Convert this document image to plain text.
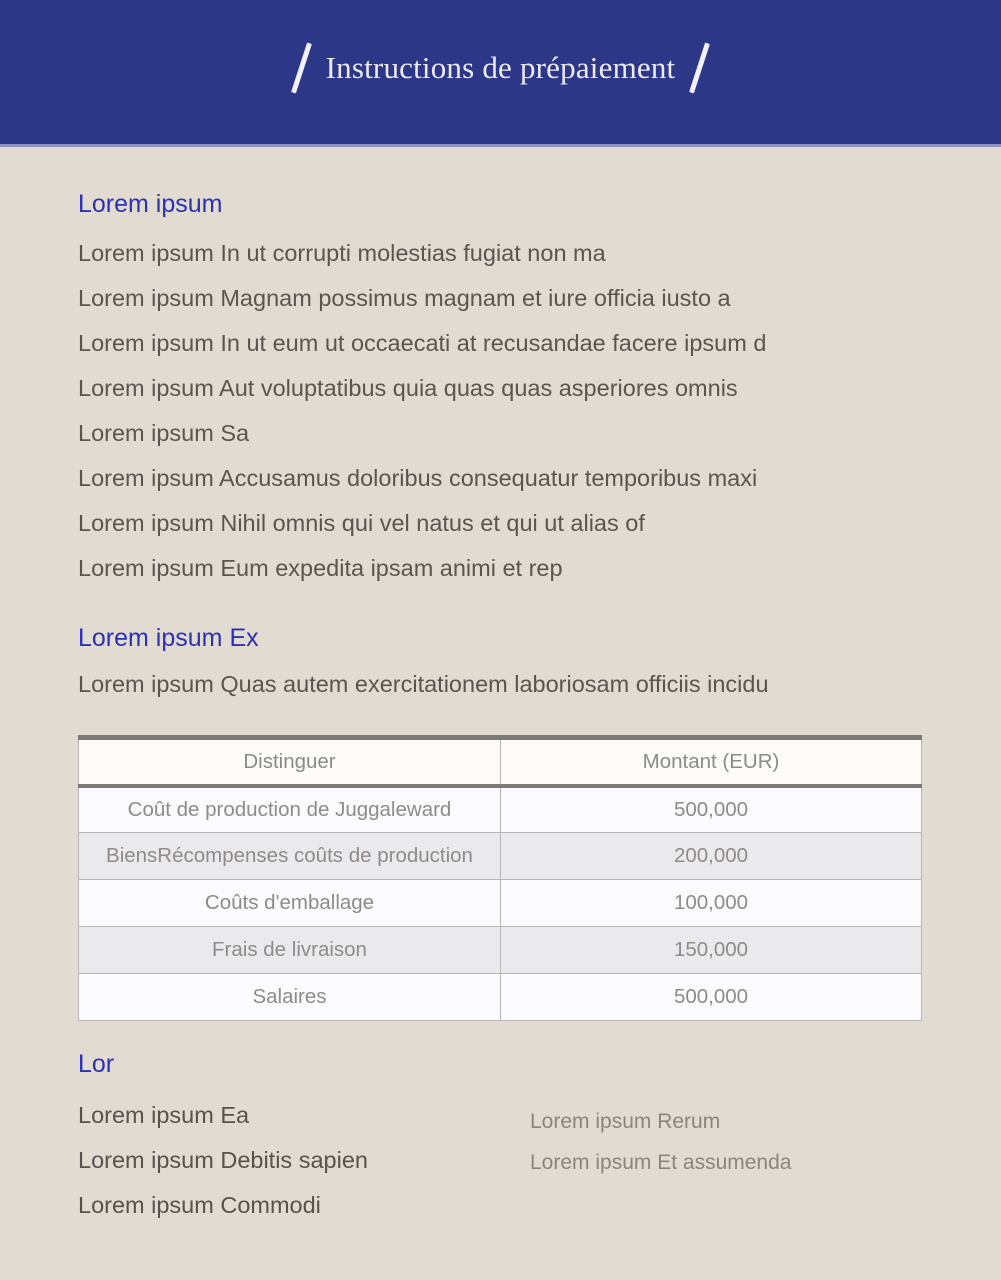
Instructions de prépaiement
Lorem ipsum
Lorem ipsum In ut corrupti molestias fugiat non ma
Lorem ipsum Magnam possimus magnam et iure officia iusto a
Lorem ipsum In ut eum ut occaecati at recusandae facere ipsum d
Lorem ipsum Aut voluptatibus quia quas quas asperiores omnis
Lorem ipsum Sa
Lorem ipsum Accusamus doloribus consequatur temporibus maxi
Lorem ipsum Nihil omnis qui vel natus et qui ut alias of
Lorem ipsum Eum expedita ipsam animi et rep
Lorem ipsum Ex
Lorem ipsum Quas autem exercitationem laboriosam officiis incidu
Distinguer	Montant (EUR)
Coût de production de Juggaleward	500,000
BiensRécompenses coûts de production	200,000
Coûts d'emballage	100,000
Frais de livraison	150,000
Salaires	500,000
Lor
Lorem ipsum Ea
Lorem ipsum Debitis sapien
Lorem ipsum Commodi
Lorem ipsum Rerum
Lorem ipsum Et assumenda
